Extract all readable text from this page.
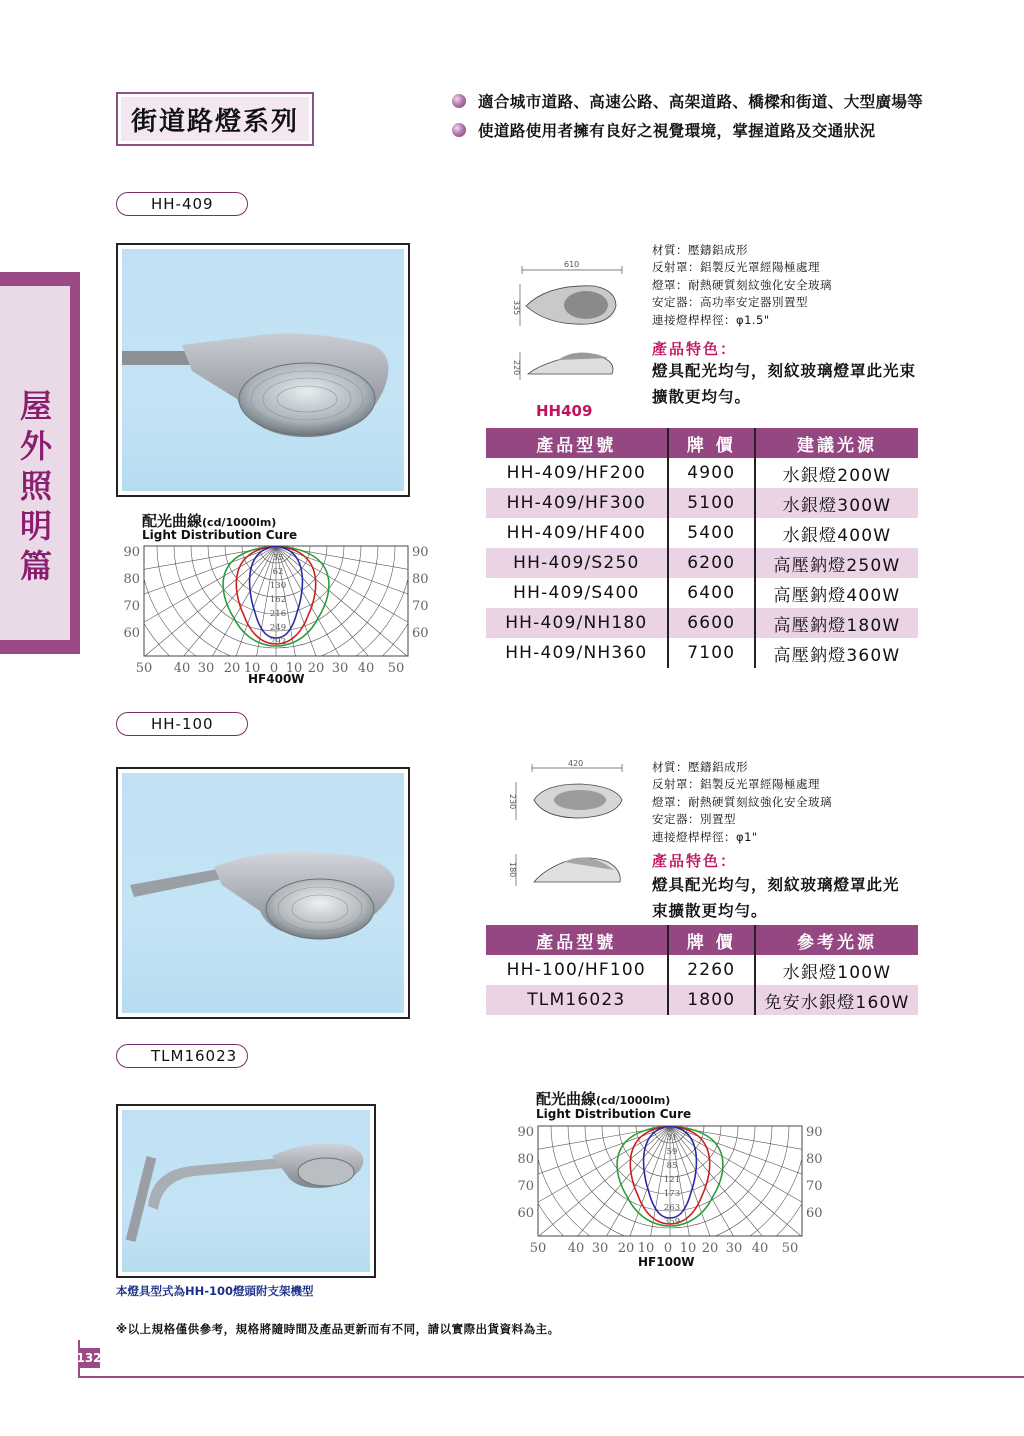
屋外照明篇
街道路燈系列
適合城市道路、高速公路、高架道路、橋樑和街道、大型廣場等
使道路使用者擁有良好之視覺環境，掌握道路及交通狀況
HH-409
610
335
220
HH409
材質：壓鑄鋁成形
反射罩：鋁製反光罩經陽極處理
燈罩：耐熱硬質刻紋強化安全玻璃
安定器：高功率安定器別置型
連接燈桿桿徑：φ1.5"
產品特色：
燈具配光均勻，刻紋玻璃燈罩此光束擴散更均勻。
產品型號	牌 價	建議光源
HH-409/HF200	4900	水銀燈200W
HH-409/HF300	5100	水銀燈300W
HH-409/HF400	5400	水銀燈400W
HH-409/S250	6200	高壓鈉燈250W
HH-409/S400	6400	高壓鈉燈400W
HH-409/NH180	6600	高壓鈉燈180W
HH-409/NH360	7100	高壓鈉燈360W
配光曲線(cd/1000lm)
Light Distribution Cure
35
62
130
162
216
249
292
90
80
70
60
90
80
70
60
50 40 30 20 10 0 10 20 30 40 50
HF400W
HH-100
420
230
180
材質：壓鑄鋁成形
反射罩：鋁製反光罩經陽極處理
燈罩：耐熱硬質刻紋強化安全玻璃
安定器：別置型
連接燈桿桿徑：φ1"
產品特色：
燈具配光均勻，刻紋玻璃燈罩此光
束擴散更均勻。
產品型號	牌 價	參考光源
HH-100/HF100	2260	水銀燈100W
TLM16023	1800	免安水銀燈160W
TLM16023
本燈具型式為HH-100燈頭附支架機型
配光曲線(cd/1000lm)
Light Distribution Cure
31
59
85
121
173
263
359
90
80
70
60
90
80
70
60
50 40 30 20 10 0 10 20 30 40 50
HF100W
※以上規格僅供參考，規格將隨時間及產品更新而有不同，請以實際出貨資料為主。
132
